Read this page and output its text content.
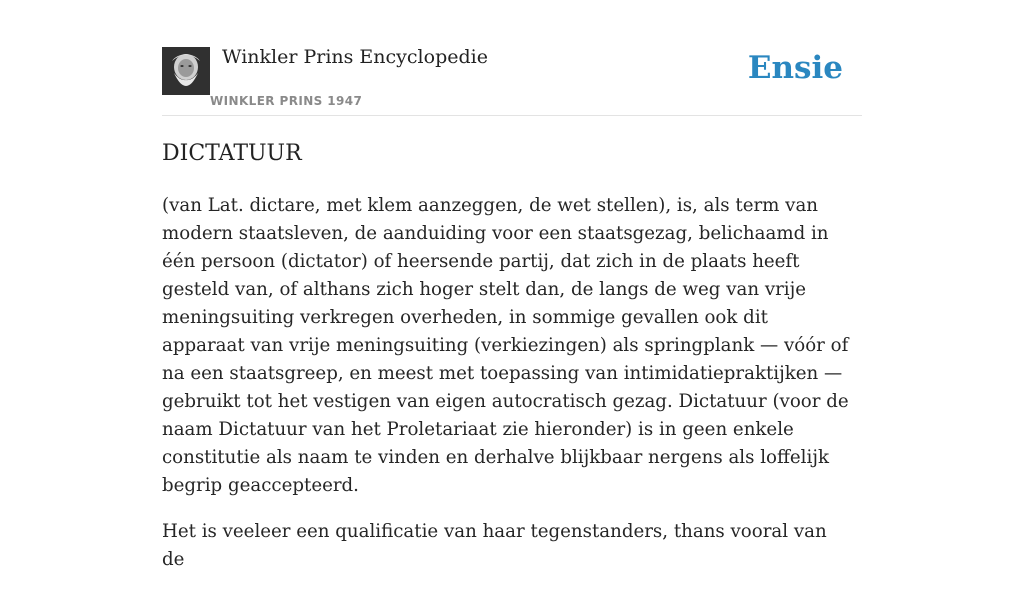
Winkler Prins Encyclopedie
WINKLER PRINS 1947
Ensie
DICTATUUR

(van Lat. dictare, met klem aanzeggen, de wet stellen), is, als term van modern staatsleven, de aanduiding voor een staatsgezag, belichaamd in één persoon (dictator) of heersende partij, dat zich in de plaats heeft gesteld van, of althans zich hoger stelt dan, de langs de weg van vrije meningsuiting verkregen overheden, in sommige gevallen ook dit apparaat van vrije meningsuiting (verkiezingen) als springplank — vóór of na een staatsgreep, en meest met toepassing van intimidatiepraktijken — gebruikt tot het vestigen van eigen autocratisch gezag. Dictatuur (voor de naam Dictatuur van het Proletariaat zie hieronder) is in geen enkele constitutie als naam te vinden en derhalve blijkbaar nergens als loffelijk begrip geaccepteerd.

Het is veeleer een qualificatie van haar tegenstanders, thans vooral van de
